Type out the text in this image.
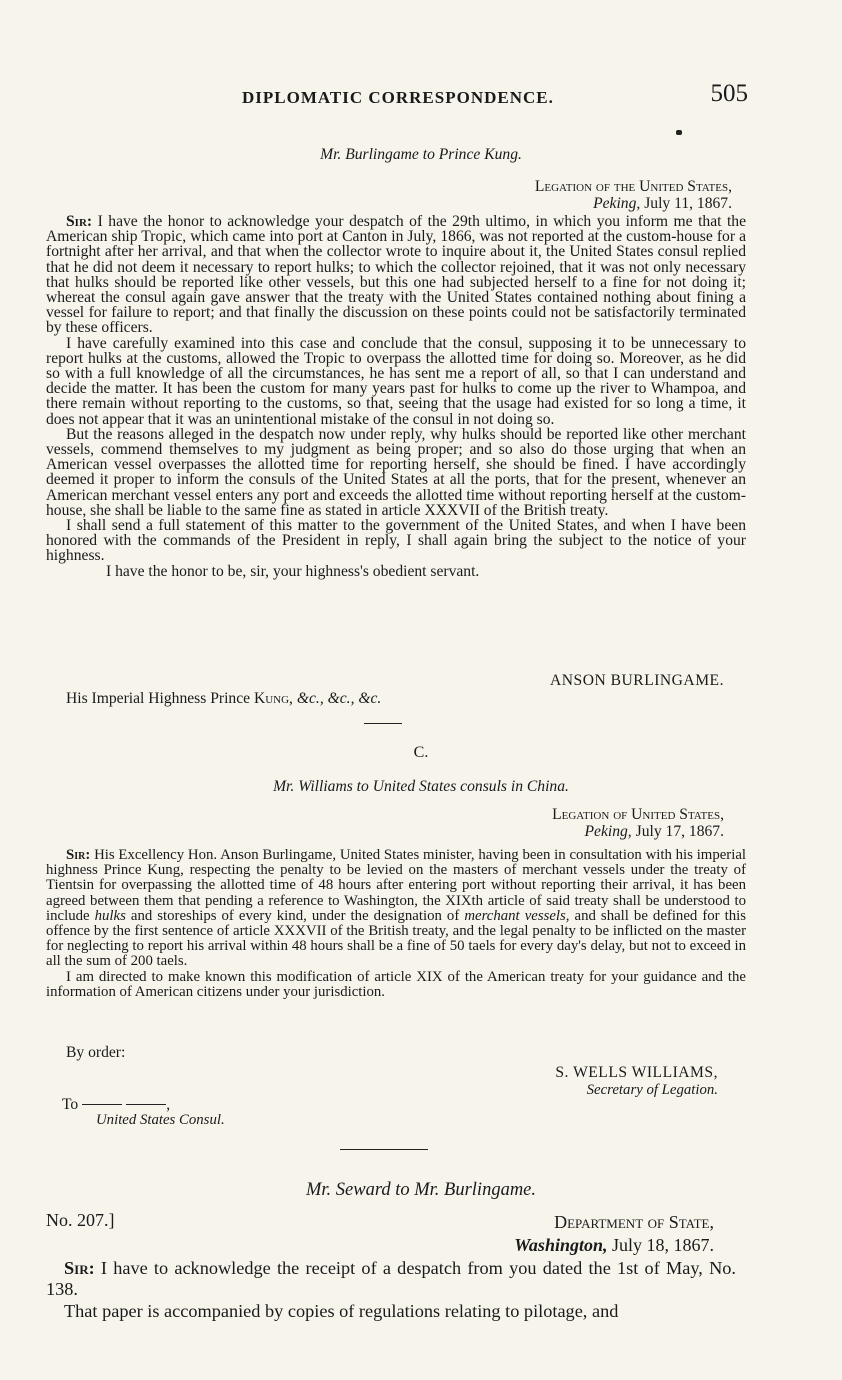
DIPLOMATIC CORRESPONDENCE.	505
Mr. Burlingame to Prince Kung.
Legation of the United States,
Peking, July 11, 1867.

Sir: I have the honor to acknowledge your despatch of the 29th ultimo, in which you inform me that the American ship Tropic, which came into port at Canton in July, 1866, was not reported at the custom-house for a fortnight after her arrival, and that when the collector wrote to inquire about it, the United States consul replied that he did not deem it necessary to report hulks; to which the collector rejoined, that it was not only necessary that hulks should be reported like other vessels, but this one had subjected herself to a fine for not doing it; whereat the consul again gave answer that the treaty with the United States contained nothing about fining a vessel for failure to report; and that finally the discussion on these points could not be satisfactorily terminated by these officers.

I have carefully examined into this case and conclude that the consul, supposing it to be unnecessary to report hulks at the customs, allowed the Tropic to overpass the allotted time for doing so. Moreover, as he did so with a full knowledge of all the circumstances, he has sent me a report of all, so that I can understand and decide the matter. It has been the custom for many years past for hulks to come up the river to Whampoa, and there remain without reporting to the customs, so that, seeing that the usage had existed for so long a time, it does not appear that it was an unintentional mistake of the consul in not doing so.

But the reasons alleged in the despatch now under reply, why hulks should be reported like other merchant vessels, commend themselves to my judgment as being proper; and so also do those urging that when an American vessel overpasses the allotted time for reporting herself, she should be fined. I have accordingly deemed it proper to inform the consuls of the United States at all the ports, that for the present, whenever an American merchant vessel enters any port and exceeds the allotted time without reporting herself at the custom-house, she shall be liable to the same fine as stated in article XXXVII of the British treaty.

I shall send a full statement of this matter to the government of the United States, and when I have been honored with the commands of the President in reply, I shall again bring the subject to the notice of your highness.

I have the honor to be, sir, your highness's obedient servant.

ANSON BURLINGAME.
His Imperial Highness Prince Kung, &c., &c., &c.
C.
Mr. Williams to United States consuls in China.
Legation of United States,
Peking, July 17, 1867.

Sir: His Excellency Hon. Anson Burlingame, United States minister, having been in consultation with his imperial highness Prince Kung, respecting the penalty to be levied on the masters of merchant vessels under the treaty of Tientsin for overpassing the allotted time of 48 hours after entering port without reporting their arrival, it has been agreed between them that pending a reference to Washington, the XIXth article of said treaty shall be understood to include hulks and storeships of every kind, under the designation of merchant vessels, and shall be defined for this offence by the first sentence of article XXXVII of the British treaty, and the legal penalty to be inflicted on the master for neglecting to report his arrival within 48 hours shall be a fine of 50 taels for every day's delay, but not to exceed in all the sum of 200 taels.

I am directed to make known this modification of article XIX of the American treaty for your guidance and the information of American citizens under your jurisdiction.

By order:
S. WELLS WILLIAMS,
Secretary of Legation.
To	,
United States Consul.
Mr. Seward to Mr. Burlingame.
No. 207.]	Department of State,
Washington, July 18, 1867.

Sir: I have to acknowledge the receipt of a despatch from you dated the 1st of May, No. 138.

That paper is accompanied by copies of regulations relating to pilotage, and
